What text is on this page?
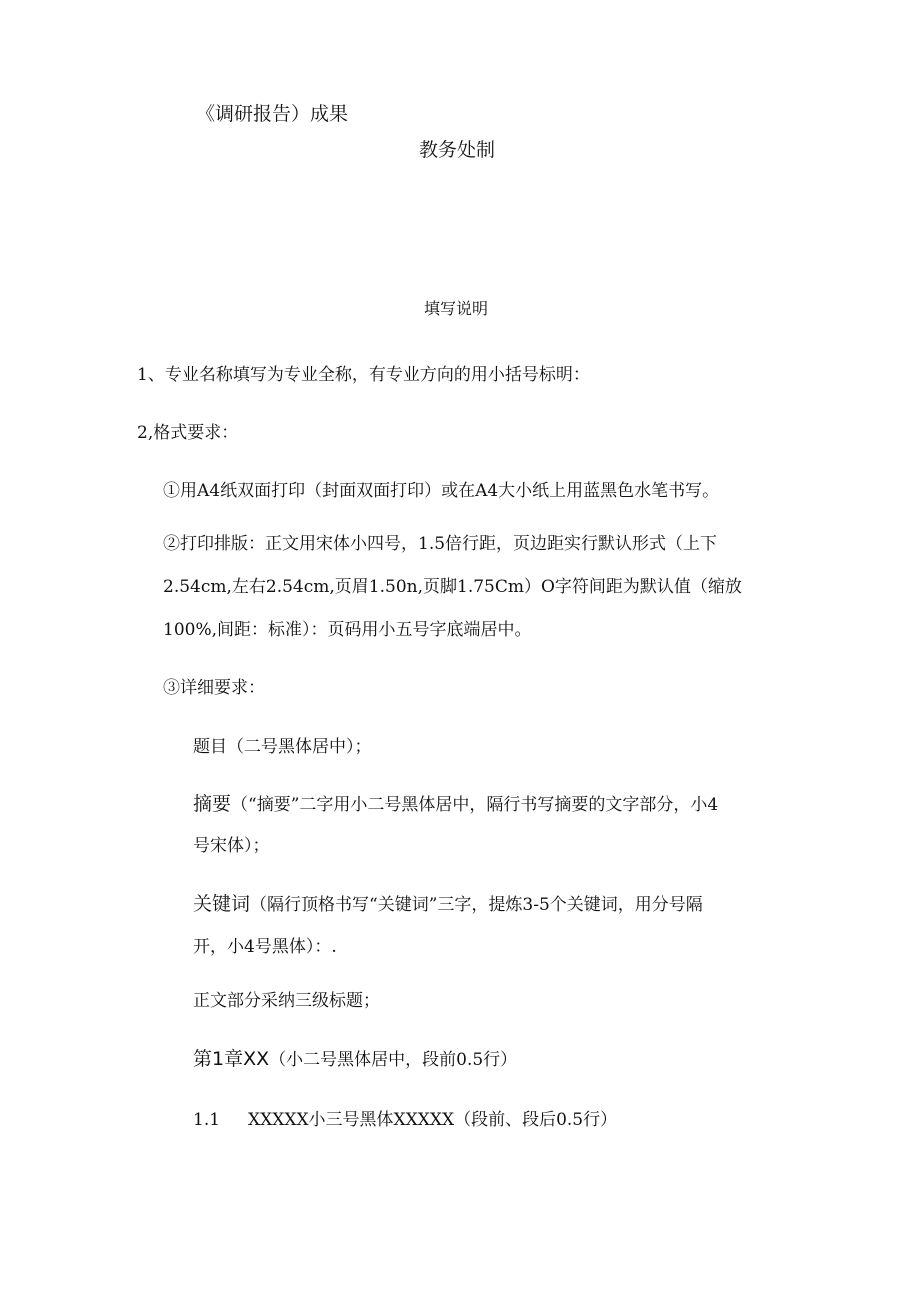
《调研报告）成果
教务处制
填写说明
1、专业名称填写为专业全称，有专业方向的用小括号标明：
2,格式要求：
①用A4纸双面打印（封面双面打印）或在A4大小纸上用蓝黑色水笔书写。
②打印排版：正文用宋体小四号，1.5倍行距，页边距实行默认形式（上下
2.54cm,左右2.54cm,页眉1.50n,页脚1.75Cm）O字符间距为默认值（缩放
100%,间距：标准）：页码用小五号字底端居中。
③详细要求：
题目（二号黑体居中）；
摘要（“摘要”二字用小二号黑体居中，隔行书写摘要的文字部分，小4
号宋体）；
关键词（隔行顶格书写“关键词”三字，提炼3-5个关键词，用分号隔
开，小4号黑体）：.
正文部分采纳三级标题；
第1章XX（小二号黑体居中，段前0.5行）
1.1 XXXXX小三号黑体XXXXX（段前、段后0.5行）
